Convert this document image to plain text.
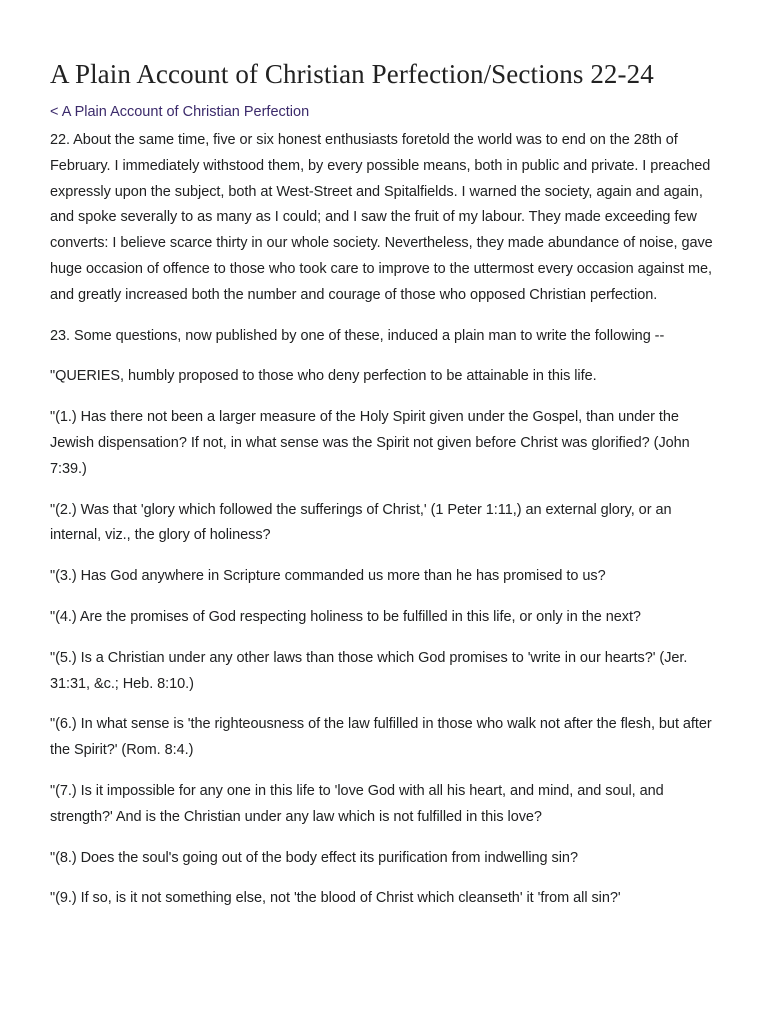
A Plain Account of Christian Perfection/Sections 22-24
< A Plain Account of Christian Perfection

22. About the same time, five or six honest enthusiasts foretold the world was to end on the 28th of February. I immediately withstood them, by every possible means, both in public and private. I preached expressly upon the subject, both at West-Street and Spitalfields. I warned the society, again and again, and spoke severally to as many as I could; and I saw the fruit of my labour. They made exceeding few converts: I believe scarce thirty in our whole society. Nevertheless, they made abundance of noise, gave huge occasion of offence to those who took care to improve to the uttermost every occasion against me, and greatly increased both the number and courage of those who opposed Christian perfection.

23. Some questions, now published by one of these, induced a plain man to write the following --

"QUERIES, humbly proposed to those who deny perfection to be attainable in this life.

"(1.) Has there not been a larger measure of the Holy Spirit given under the Gospel, than under the Jewish dispensation? If not, in what sense was the Spirit not given before Christ was glorified? (John 7:39.)

"(2.) Was that 'glory which followed the sufferings of Christ,' (1 Peter 1:11,) an external glory, or an internal, viz., the glory of holiness?

"(3.) Has God anywhere in Scripture commanded us more than he has promised to us?

"(4.) Are the promises of God respecting holiness to be fulfilled in this life, or only in the next?

"(5.) Is a Christian under any other laws than those which God promises to 'write in our hearts?' (Jer. 31:31, &c.; Heb. 8:10.)

"(6.) In what sense is 'the righteousness of the law fulfilled in those who walk not after the flesh, but after the Spirit?' (Rom. 8:4.)

"(7.) Is it impossible for any one in this life to 'love God with all his heart, and mind, and soul, and strength?' And is the Christian under any law which is not fulfilled in this love?

"(8.) Does the soul's going out of the body effect its purification from indwelling sin?

"(9.) If so, is it not something else, not 'the blood of Christ which cleanseth' it 'from all sin?'
